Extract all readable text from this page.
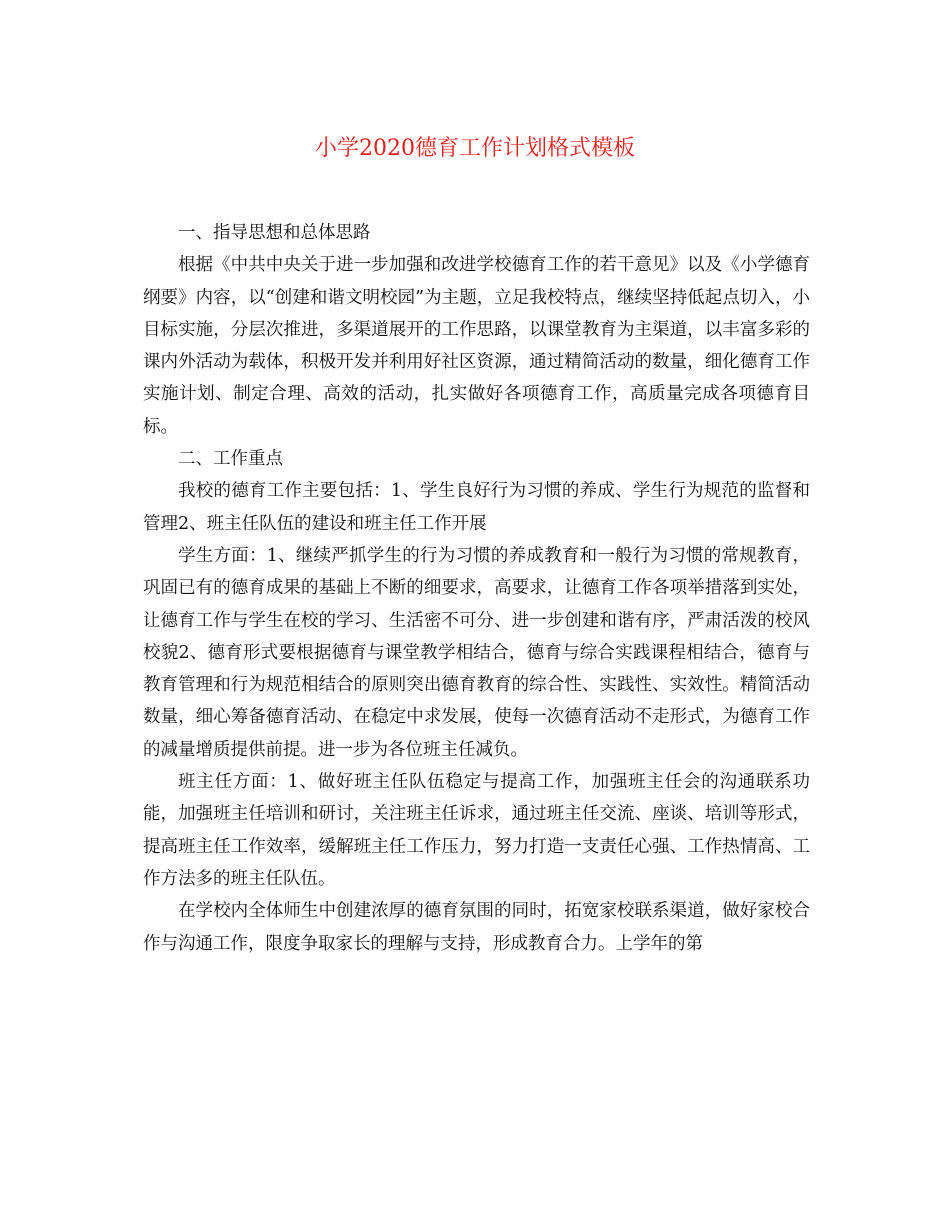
小学2020德育工作计划格式模板

一、指导思想和总体思路

根据《中共中央关于进一步加强和改进学校德育工作的若干意见》以及《小学德育纲要》内容，以“创建和谐文明校园”为主题，立足我校特点，继续坚持低起点切入，小目标实施，分层次推进，多渠道展开的工作思路，以课堂教育为主渠道，以丰富多彩的课内外活动为载体，积极开发并利用好社区资源，通过精简活动的数量，细化德育工作实施计划、制定合理、高效的活动，扎实做好各项德育工作，高质量完成各项德育目标。

二、工作重点

我校的德育工作主要包括：1、学生良好行为习惯的养成、学生行为规范的监督和管理2、班主任队伍的建设和班主任工作开展

学生方面：1、继续严抓学生的行为习惯的养成教育和一般行为习惯的常规教育，巩固已有的德育成果的基础上不断的细要求，高要求，让德育工作各项举措落到实处，让德育工作与学生在校的学习、生活密不可分、进一步创建和谐有序，严肃活泼的校风校貌2、德育形式要根据德育与课堂教学相结合，德育与综合实践课程相结合，德育与教育管理和行为规范相结合的原则突出德育教育的综合性、实践性、实效性。精简活动数量，细心筹备德育活动、在稳定中求发展，使每一次德育活动不走形式，为德育工作的减量增质提供前提。进一步为各位班主任减负。

班主任方面：1、做好班主任队伍稳定与提高工作，加强班主任会的沟通联系功能，加强班主任培训和研讨，关注班主任诉求，通过班主任交流、座谈、培训等形式，提高班主任工作效率，缓解班主任工作压力，努力打造一支责任心强、工作热情高、工作方法多的班主任队伍。

在学校内全体师生中创建浓厚的德育氛围的同时，拓宽家校联系渠道，做好家校合作与沟通工作，限度争取家长的理解与支持，形成教育合力。上学年的第
